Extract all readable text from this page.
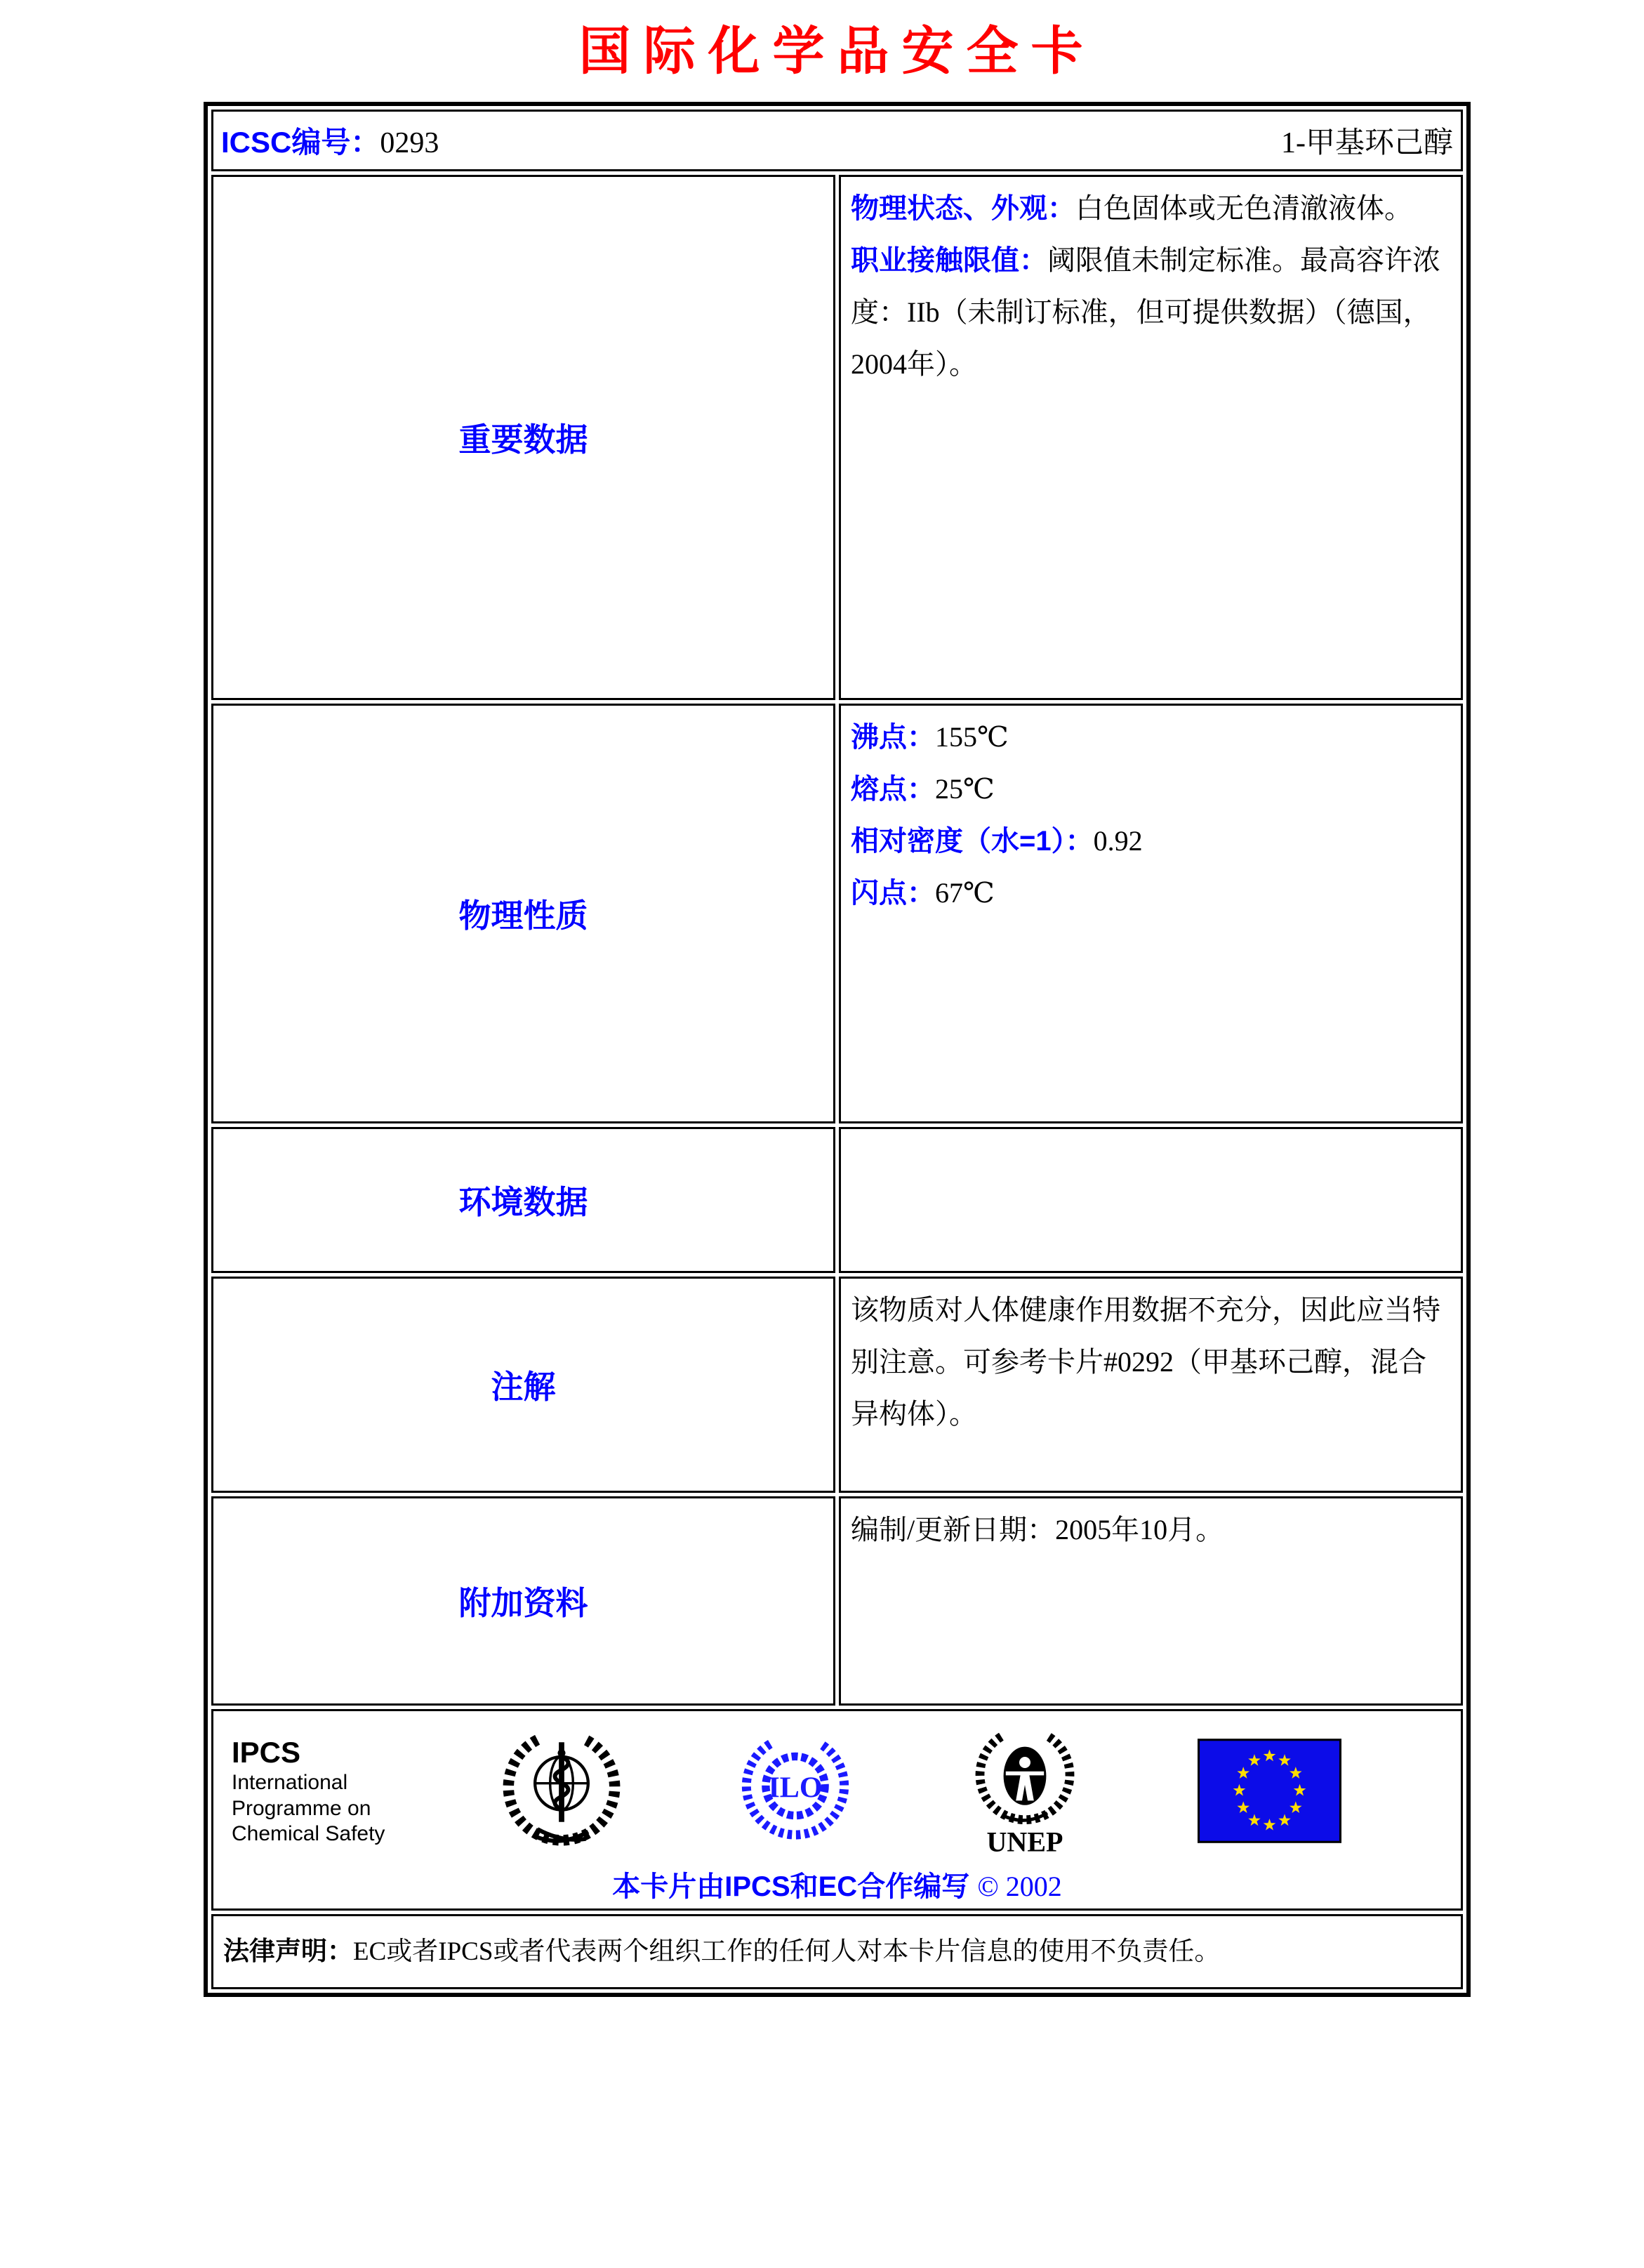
国际化学品安全卡
ICSC编号：0293 1-甲基环己醇	

重要数据	物理状态、外观：白色固体或无色清澈液体。
职业接触限值：阈限值未制定标准。最高容许浓度：IIb（未制订标准，但可提供数据）（德国，2004年）。

物理性质	沸点：155℃
熔点：25℃
相对密度（水=1）：0.92
闪点：67℃

环境数据	
注解	该物质对人体健康作用数据不充分，因此应当特别注意。可参考卡片#0292（甲基环己醇，混合异构体）。
附加资料	编制/更新日期：2005年10月。

IPCS
International
Programme on
Chemical Safety
ILO
UNEP
本卡片由IPCS和EC合作编写 © 2002

法律声明：EC或者IPCS或者代表两个组织工作的任何人对本卡片信息的使用不负责任。	
